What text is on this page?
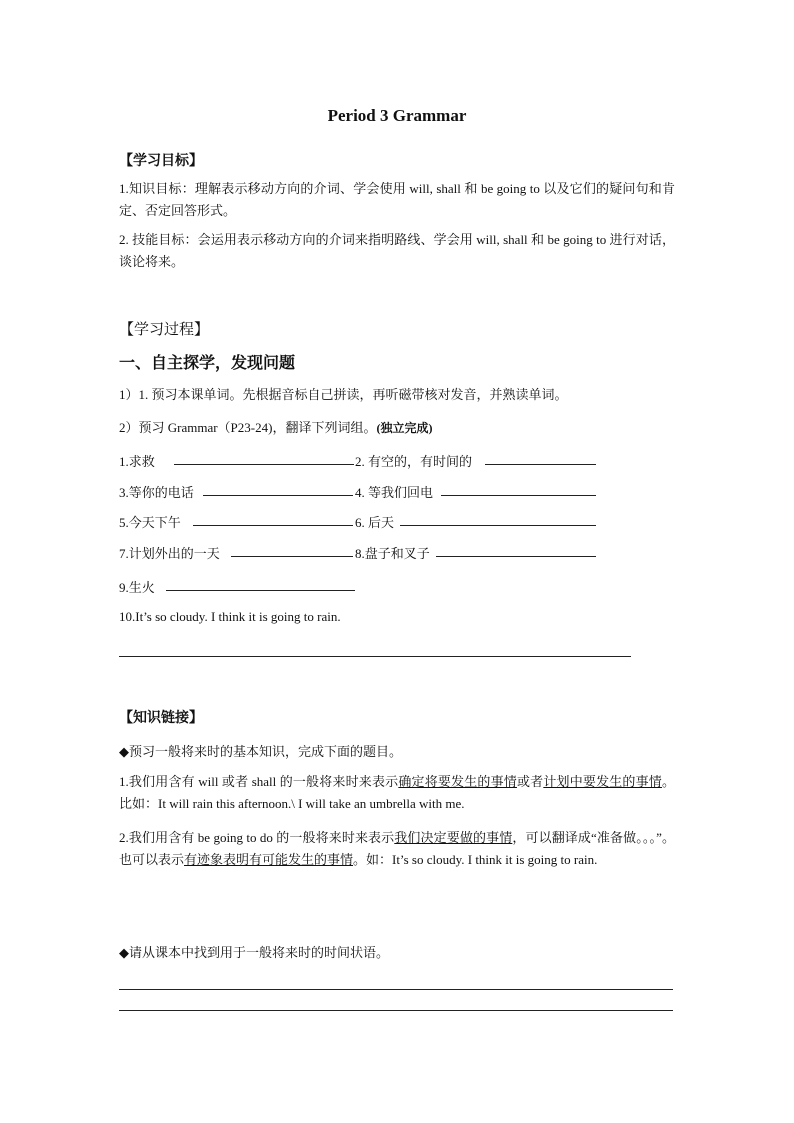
Period 3 Grammar
【学习目标】
1.知识目标：理解表示移动方向的介词、学会使用 will, shall 和 be going to 以及它们的疑问句和肯定、否定回答形式。
2. 技能目标：会运用表示移动方向的介词来指明路线、学会用 will, shall 和 be going to 进行对话，谈论将来。
【学习过程】
一、自主探学，发现问题
1）1. 预习本课单词。先根据音标自己拼读，再听磁带核对发音，并熟读单词。
2）预习 Grammar（P23-24)，翻译下列词组。(独立完成)
1.求救	2. 有空的，有时间的
3.等你的电话	4. 等我们回电
5.今天下午	6. 后天
7.计划外出的一天	8.盘子和叉子
9.生火
10.It’s so cloudy. I think it is going to rain.
【知识链接】
◆预习一般将来时的基本知识，完成下面的题目。
1.我们用含有 will 或者 shall 的一般将来时来表示确定将要发生的事情或者计划中要发生的事情。比如：It will rain this afternoon.\ I will take an umbrella with me.
2.我们用含有 be going to do 的一般将来时来表示我们决定要做的事情，可以翻译成“准备做。。。”。也可以表示有迹象表明有可能发生的事情。如：It’s so cloudy. I think it is going to rain.
◆请从课本中找到用于一般将来时的时间状语。
